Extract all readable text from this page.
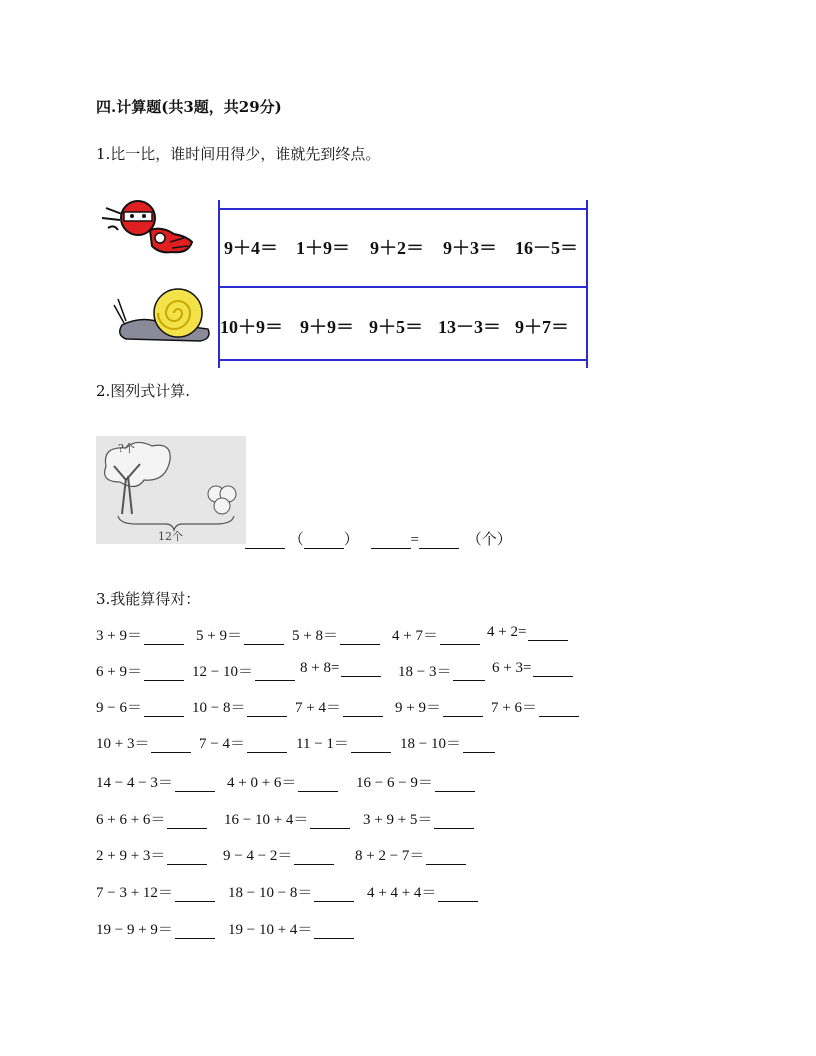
四.计算题(共3题，共29分)
1.比一比，谁时间用得少，谁就先到终点。
9＋4＝ 1＋9＝ 9＋2＝ 9＋3＝ 16－5＝
10＋9＝ 9＋9＝ 9＋5＝ 13－3＝ 9＋7＝
2.图列式计算.
?个
12个	（	）	=	（个）
3.我能算得对：
3 + 9＝	5 + 9＝	5 + 8＝	4 + 7＝	4 + 2=
6 + 9＝	12 − 10＝	8 + 8=	18 − 3＝	6 + 3=
9 − 6＝	10 − 8＝	7 + 4＝	9 + 9＝	7 + 6＝
10 + 3＝	7 − 4＝	11 − 1＝	18 − 10＝
14 − 4 − 3＝	4 + 0 + 6＝	16 − 6 − 9＝
6 + 6 + 6＝	16 − 10 + 4＝	3 + 9 + 5＝
2 + 9 + 3＝	9 − 4 − 2＝	8 + 2 − 7＝
7 − 3 + 12＝	18 − 10 − 8＝	4 + 4 + 4＝
19 − 9 + 9＝	19 − 10 + 4＝
